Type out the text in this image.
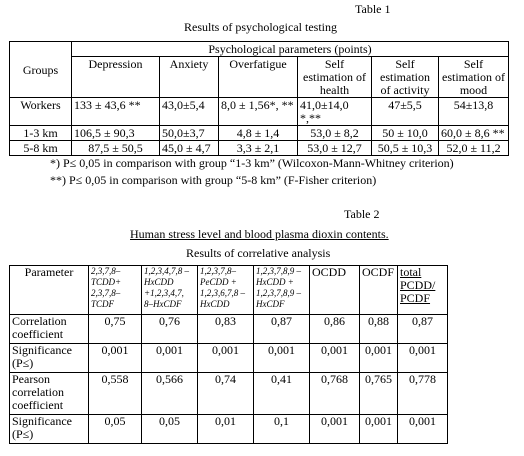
Table 1
Results of psychological testing
Groups	Psychological parameters (points)					
	Depression	Anxiety	Overfatigue	Self estimation of health	Self estimation of activity	Self estimation of mood
Workers	133 ± 43,6 **	43,0±5,4	8,0 ± 1,56*, **	41,0±14,0 *,**	47±5,5	54±13,8
1-3 km	106,5 ± 90,3	50,0±3,7	4,8 ± 1,4	53,0 ± 8,2	50 ± 10,0	60,0 ± 8,6 **
5-8 km	87,5 ± 50,5	45,0 ± 4,7	3,3 ± 2,1	53,0 ± 12,7	50,5 ± 10,3	52,0 ± 11,2
*) P≤ 0,05 in comparison with group “1-3 km” (Wilcoxon-Mann-Whitney criterion)
**) P≤ 0,05 in comparison with group “5-8 km” (F-Fisher criterion)
Table 2
Human stress level and blood plasma dioxin contents.
Results of correlative analysis
Parameter	2,3,7,8–TCDD+ 2,3,7,8–TCDF	1,2,3,4,7,8 –HxCDD +1,2,3,4,7, 8–HxCDF	1,2,3,7,8– PeCDD + 1,2,3,6,7,8 –HxCDD	1,2,3,7,8,9 –HxCDD + 1,2,3,7,8,9 –HxCDF	OCDD	OCDF	total PCDD/ PCDF
Correlation coefficient	0,75	0,76	0,83	0,87	0,86	0,88	0,87
Significance (P≤)	0,001	0,001	0,001	0,001	0,001	0,001	0,001
Pearson correlation coefficient	0,558	0,566	0,74	0,41	0,768	0,765	0,778
Significance (P≤)	0,05	0,05	0,01	0,1	0,001	0,001	0,001
